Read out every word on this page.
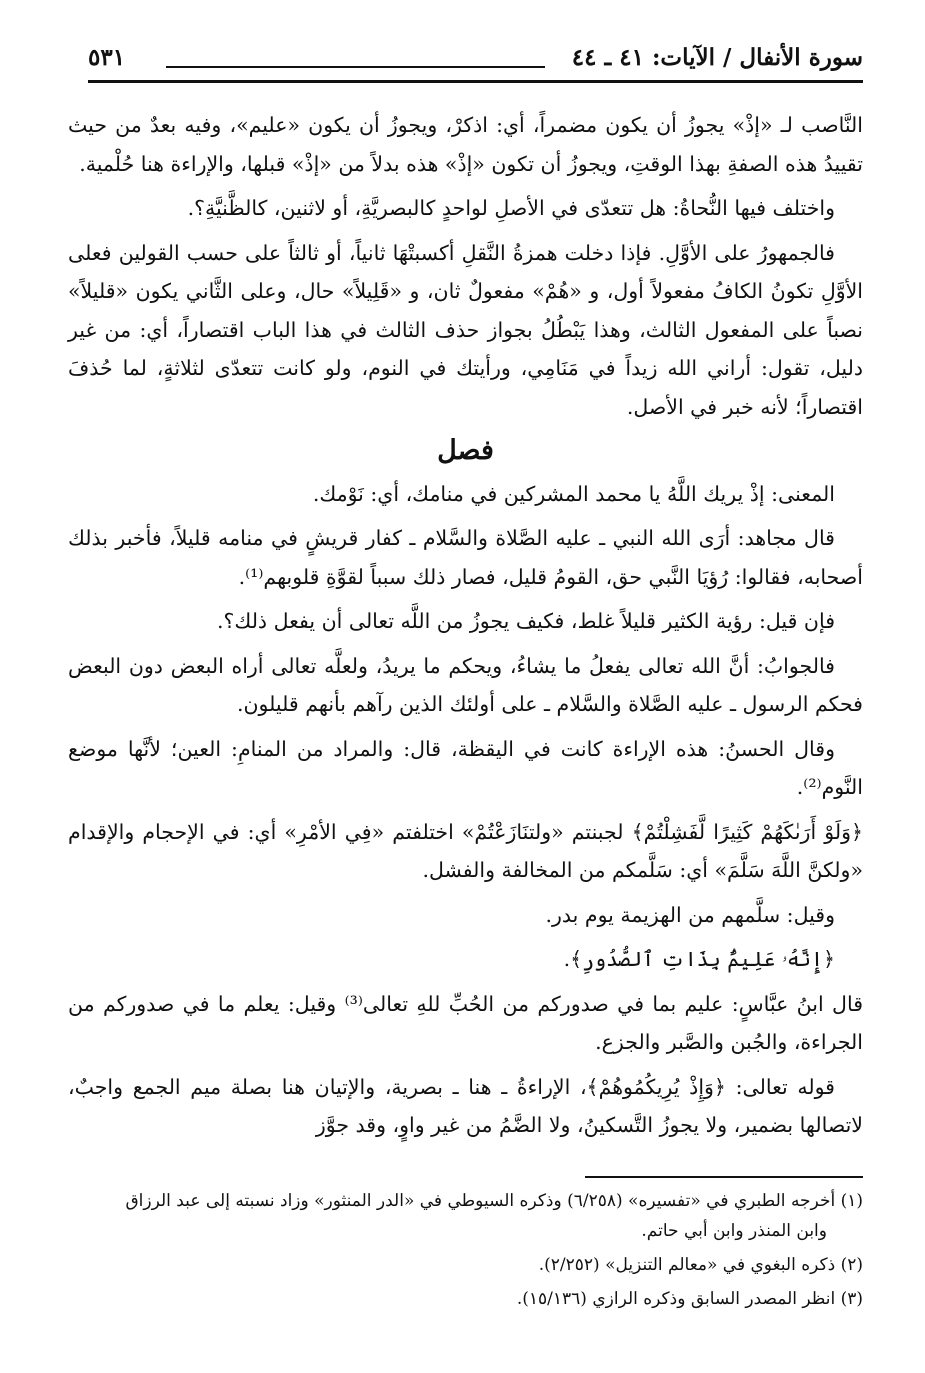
سورة الأنفال / الآيات: ٤١ ـ ٤٤
٥٣١

النَّاصب لـ «إذْ» يجوزُ أن يكون مضمراً، أي: اذكرْ، ويجوزُ أن يكون «عليم»، وفيه بعدٌ من حيث تقييدُ هذه الصفةِ بهذا الوقتِ، ويجوزُ أن تكون «إذْ» هذه بدلاً من «إذْ» قبلها، والإراءة هنا حُلْمية.

واختلف فيها النُّحاةُ: هل تتعدّى في الأصلِ لواحدٍ كالبصريَّةِ، أو لاثنين، كالظَّنيَّةِ؟.

فالجمهورُ على الأوَّلِ. فإذا دخلت همزةُ النَّقلِ أكسبتْهَا ثانياً، أو ثالثاً على حسب القولين فعلى الأوَّلِ تكونُ الكافُ مفعولاً أول، و «هُمْ» مفعولٌ ثان، و «قَلِيلاً» حال، وعلى الثَّاني يكون «قليلاً» نصباً على المفعول الثالث، وهذا يَبْطُلُ بجواز حذف الثالث في هذا الباب اقتصاراً، أي: من غير دليل، تقول: أراني الله زيداً في مَنَامِي، ورأيتك في النوم، ولو كانت تتعدّى لثلاثةٍ، لما حُذفَ اقتصاراً؛ لأنه خبر في الأصل.

فصل

المعنى: إذْ يريك اللَّهُ يا محمد المشركين في منامك، أي: نَوْمك.

قال مجاهد: أرَى الله النبي ـ عليه الصَّلاة والسَّلام ـ كفار قريشٍ في منامه قليلاً، فأخبر بذلك أصحابه، فقالوا: رُؤيَا النَّبي حق، القومُ قليل، فصار ذلك سبباً لقوَّةِ قلوبهم⁽¹⁾.

فإن قيل: رؤية الكثير قليلاً غلط، فكيف يجوزُ من اللَّه تعالى أن يفعل ذلك؟.

فالجوابُ: أنَّ الله تعالى يفعلُ ما يشاءُ، ويحكم ما يريدُ، ولعلَّه تعالى أراه البعض دون البعض فحكم الرسول ـ عليه الصَّلاة والسَّلام ـ على أولئك الذين رآهم بأنهم قليلون.

وقال الحسنُ: هذه الإراءة كانت في اليقظة، قال: والمراد من المنامِ: العين؛ لأنَّها موضع النَّوم⁽²⁾.

﴿وَلَوْ أَرَىٰكَهُمْ كَثِيرًا لَّفَشِلْتُمْ﴾ لجبنتم «ولتنَازَعْتُمْ» اختلفتم «فِي الأمْرِ» أي: في الإحجام والإقدام «ولكنَّ اللَّهَ سَلَّمَ» أي: سَلَّمكم من المخالفة والفشل.

وقيل: سلَّمهم من الهزيمة يوم بدر.

﴿إِنَّهُۥ عَلِيمٌۢ بِذَاتِ ٱلصُّدُورِ﴾.

قال ابنُ عبَّاسٍ: عليم بما في صدوركم من الحُبِّ للهِ تعالى⁽³⁾ وقيل: يعلم ما في صدوركم من الجراءة، والجُبن والصَّبر والجزع.

قوله تعالى: ﴿وَإِذْ يُرِيكُمُوهُمْ﴾، الإراءةُ ـ هنا ـ بصرية، والإتيان هنا بصلة ميم الجمع واجبٌ، لاتصالها بضمير، ولا يجوزُ التَّسكينُ، ولا الضَّمُ من غير واوٍ، وقد جوَّز

(١) أخرجه الطبري في «تفسيره» (٦/٢٥٨) وذكره السيوطي في «الدر المنثور» وزاد نسبته إلى عبد الرزاق
وابن المنذر وابن أبي حاتم.

(٢) ذكره البغوي في «معالم التنزيل» (٢/٢٥٢).

(٣) انظر المصدر السابق وذكره الرازي (١٥/١٣٦).
